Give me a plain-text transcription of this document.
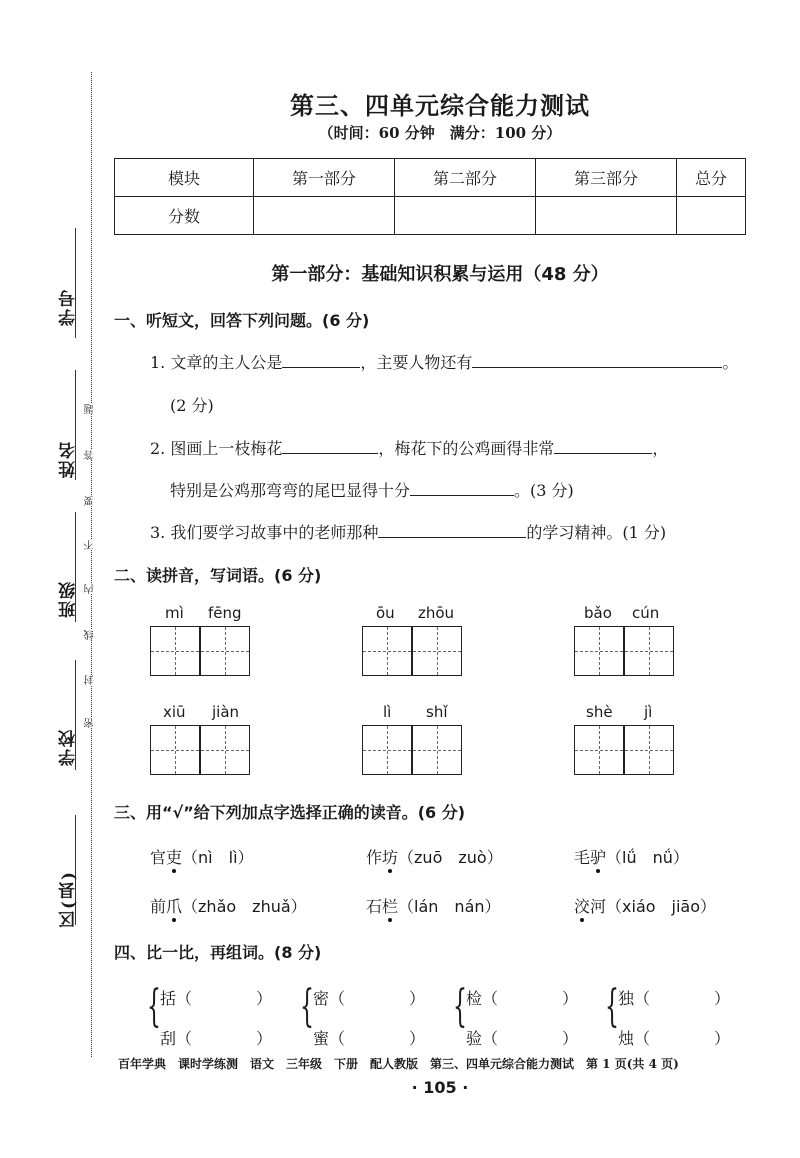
学号
姓名
班级
学校
区(县)
题
答
要
不
内
线
封
密
第三、四单元综合能力测试
（时间：60 分钟　满分：100 分）
模块	第一部分	第二部分	第三部分	总分
分数				
第一部分：基础知识积累与运用（48 分）
一、听短文，回答下列问题。(6 分)
1. 文章的主人公是	，主要人物还有	。
(2 分)
2. 图画上一枝梅花	，梅花下的公鸡画得非常	，
特别是公鸡那弯弯的尾巴显得十分	。(3 分)
3. 我们要学习故事中的老师那种	的学习精神。(1 分)
二、读拼音，写词语。(6 分)
mì fēng	ōu zhōu	bǎo cún
xiū jiàn	lì shǐ	shè jì
三、用“√”给下列加点字选择正确的读音。(6 分)
官吏（nì　lì）	作坊（zuō　zuò）	毛驴（lǘ　nǘ）
前爪（zhǎo　zhuǎ）	石栏（lán　nán）	洨河（xiáo　jiāo）
四、比一比，再组词。(8 分)
{ 括（　　　　）
刮（　　　　）
{ 密（　　　　）
蜜（　　　　）
{ 检（　　　　）
验（　　　　）
{ 独（　　　　）
烛（　　　　）
百年学典　课时学练测　语文　三年级　下册　配人教版　第三、四单元综合能力测试　第 1 页(共 4 页)
· 105 ·
